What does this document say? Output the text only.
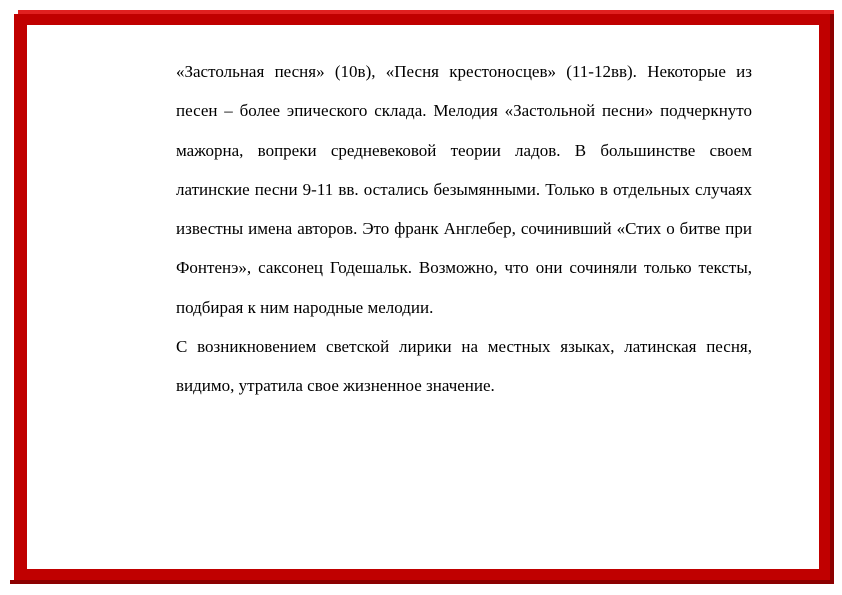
«Застольная песня» (10в), «Песня крестоносцев» (11-12вв). Некоторые из песен – более эпического склада. Мелодия «Застольной песни» подчеркнуто мажорна, вопреки средневековой теории ладов. В большинстве своем латинские песни 9-11 вв. остались безымянными. Только в отдельных случаях известны имена авторов. Это франк Англебер, сочинивший «Стих о битве при Фонтенэ», саксонец Годешальк. Возможно, что они сочиняли только тексты, подбирая к ним народные мелодии.

С возникновением светской лирики на местных языках, латинская песня, видимо, утратила свое жизненное значение.
